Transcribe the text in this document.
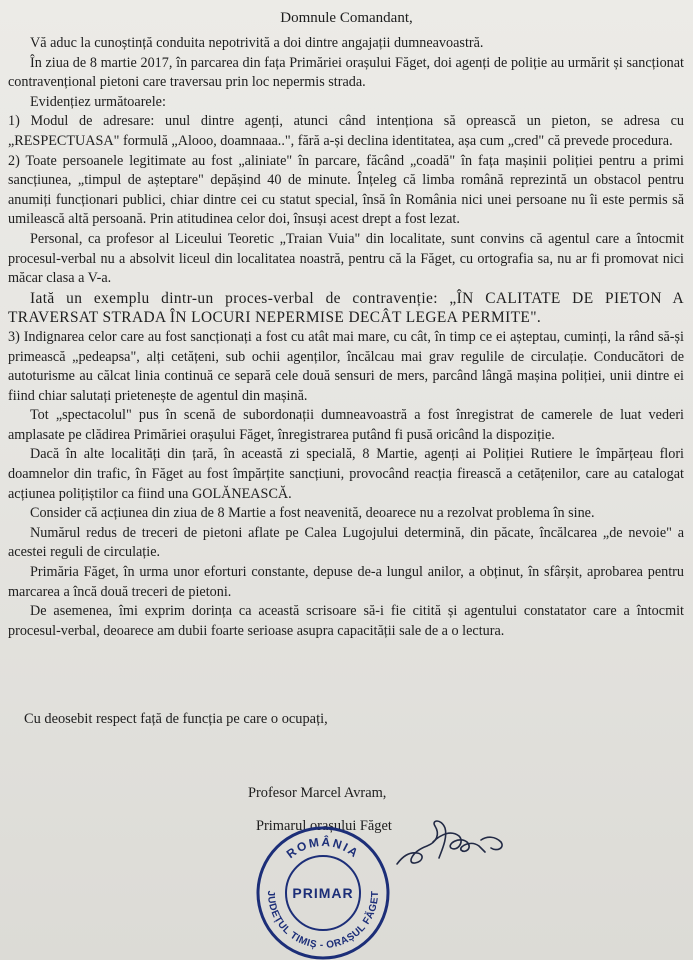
Domnule Comandant,

Vă aduc la cunoștință conduita nepotrivită a doi dintre angajații dumneavoastră.

În ziua de 8 martie 2017, în parcarea din fața Primăriei orașului Făget, doi agenți de poliție au urmărit și sancționat contravențional pietoni care traversau prin loc nepermis strada.

Evidențiez următoarele:

1) Modul de adresare: unul dintre agenți, atunci când intenționa să oprească un pieton, se adresa cu „RESPECTUASA" formulă „Alooo, doamnaaa..", fără a-și declina identitatea, așa cum „cred" că prevede procedura.

2) Toate persoanele legitimate au fost „aliniate" în parcare, făcând „coadă" în fața mașinii poliției pentru a primi sancțiunea, „timpul de așteptare" depășind 40 de minute. Înțeleg că limba română reprezintă un obstacol pentru anumiți funcționari publici, chiar dintre cei cu statut special, însă în România nici unei persoane nu îi este permis să umilească altă persoană. Prin atitudinea celor doi, însuși acest drept a fost lezat.

Personal, ca profesor al Liceului Teoretic „Traian Vuia" din localitate, sunt convins că agentul care a întocmit procesul-verbal nu a absolvit liceul din localitatea noastră, pentru că la Făget, cu ortografia sa, nu ar fi promovat nici măcar clasa a V-a.

Iată un exemplu dintr-un proces-verbal de contravenție: „ÎN CALITATE DE PIETON A TRAVERSAT STRADA ÎN LOCURI NEPERMISE DECÂT LEGEA PERMITE".

3) Indignarea celor care au fost sancționați a fost cu atât mai mare, cu cât, în timp ce ei așteptau, cuminți, la rând să-și primească „pedeapsa", alți cetățeni, sub ochii agenților, încălcau mai grav regulile de circulație. Conducători de autoturisme au călcat linia continuă ce separă cele două sensuri de mers, parcând lângă mașina poliției, unii dintre ei fiind chiar salutați prietenește de agentul din mașină.

Tot „spectacolul" pus în scenă de subordonații dumneavoastră a fost înregistrat de camerele de luat vederi amplasate pe clădirea Primăriei orașului Făget, înregistrarea putând fi pusă oricând la dispoziție.

Dacă în alte localități din țară, în această zi specială, 8 Martie, agenți ai Poliției Rutiere le împărțeau flori doamnelor din trafic, în Făget au fost împărțite sancțiuni, provocând reacția firească a cetățenilor, care au catalogat acțiunea polițiștilor ca fiind una GOLĂNEASCĂ.

Consider că acțiunea din ziua de 8 Martie a fost neavenită, deoarece nu a rezolvat problema în sine.

Numărul redus de treceri de pietoni aflate pe Calea Lugojului determină, din păcate, încălcarea „de nevoie" a acestei reguli de circulație.

Primăria Făget, în urma unor eforturi constante, depuse de-a lungul anilor, a obținut, în sfârșit, aprobarea pentru marcarea a încă două treceri de pietoni.

De asemenea, îmi exprim dorința ca această scrisoare să-i fie citită și agentului constatator care a întocmit procesul-verbal, deoarece am dubii foarte serioase asupra capacității sale de a o lectura.

Cu deosebit respect față de funcția pe care o ocupați,

Profesor Marcel Avram,

Primarul orașului Făget

ROMÂNIA
JUDEȚUL TIMIȘ - ORAȘUL FĂGET
PRIMAR
